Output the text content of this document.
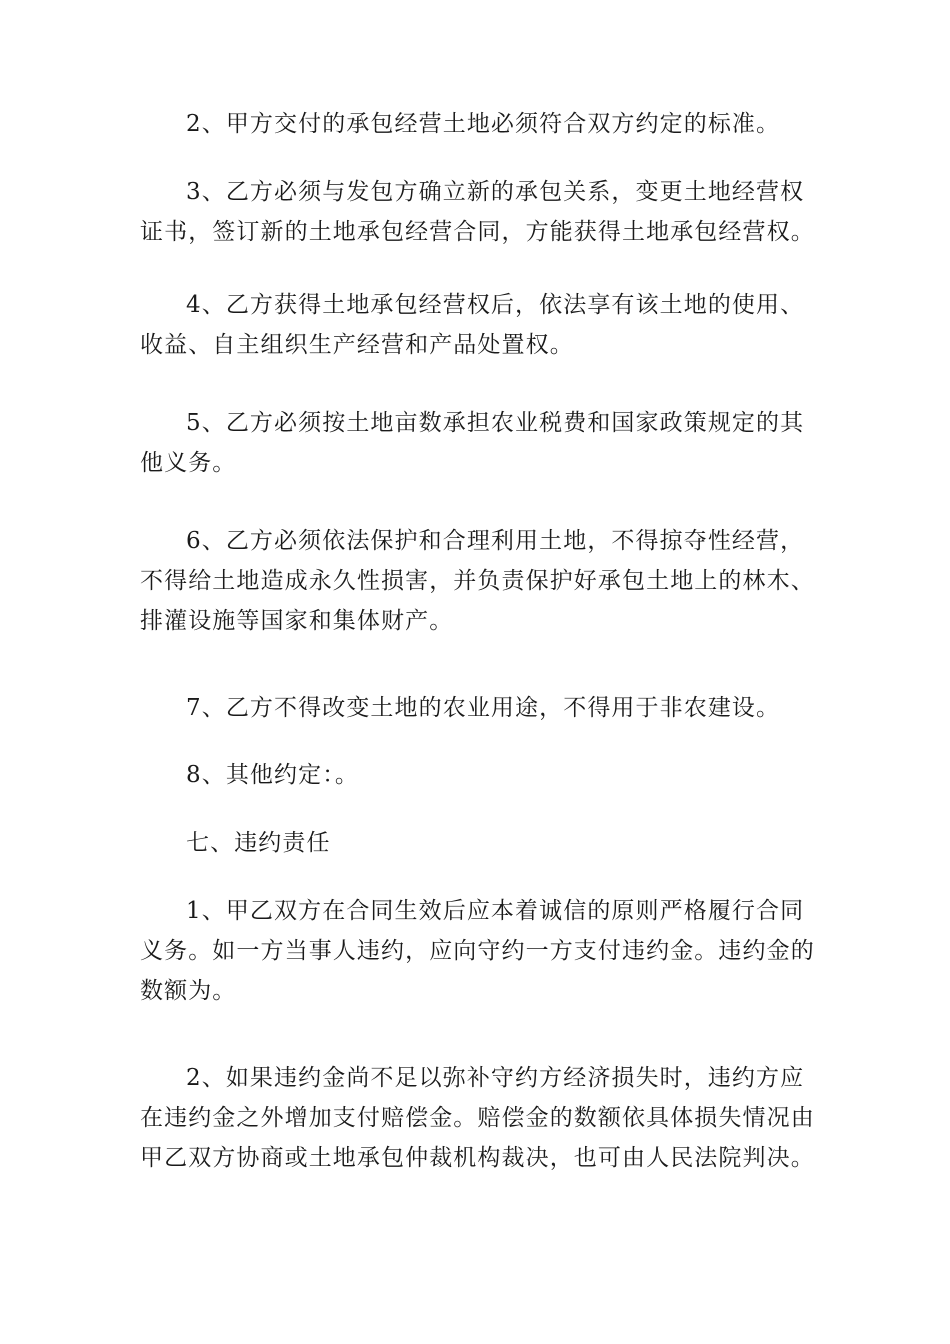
2、甲方交付的承包经营土地必须符合双方约定的标准。

3、乙方必须与发包方确立新的承包关系，变更土地经营权
证书，签订新的土地承包经营合同，方能获得土地承包经营权。

4、乙方获得土地承包经营权后，依法享有该土地的使用、
收益、自主组织生产经营和产品处置权。

5、乙方必须按土地亩数承担农业税费和国家政策规定的其
他义务。

6、乙方必须依法保护和合理利用土地，不得掠夺性经营，
不得给土地造成永久性损害，并负责保护好承包土地上的林木、
排灌设施等国家和集体财产。

7、乙方不得改变土地的农业用途，不得用于非农建设。

8、其他约定：。

七、违约责任

1、甲乙双方在合同生效后应本着诚信的原则严格履行合同
义务。如一方当事人违约，应向守约一方支付违约金。违约金的
数额为。

2、如果违约金尚不足以弥补守约方经济损失时，违约方应
在违约金之外增加支付赔偿金。赔偿金的数额依具体损失情况由
甲乙双方协商或土地承包仲裁机构裁决，也可由人民法院判决。
